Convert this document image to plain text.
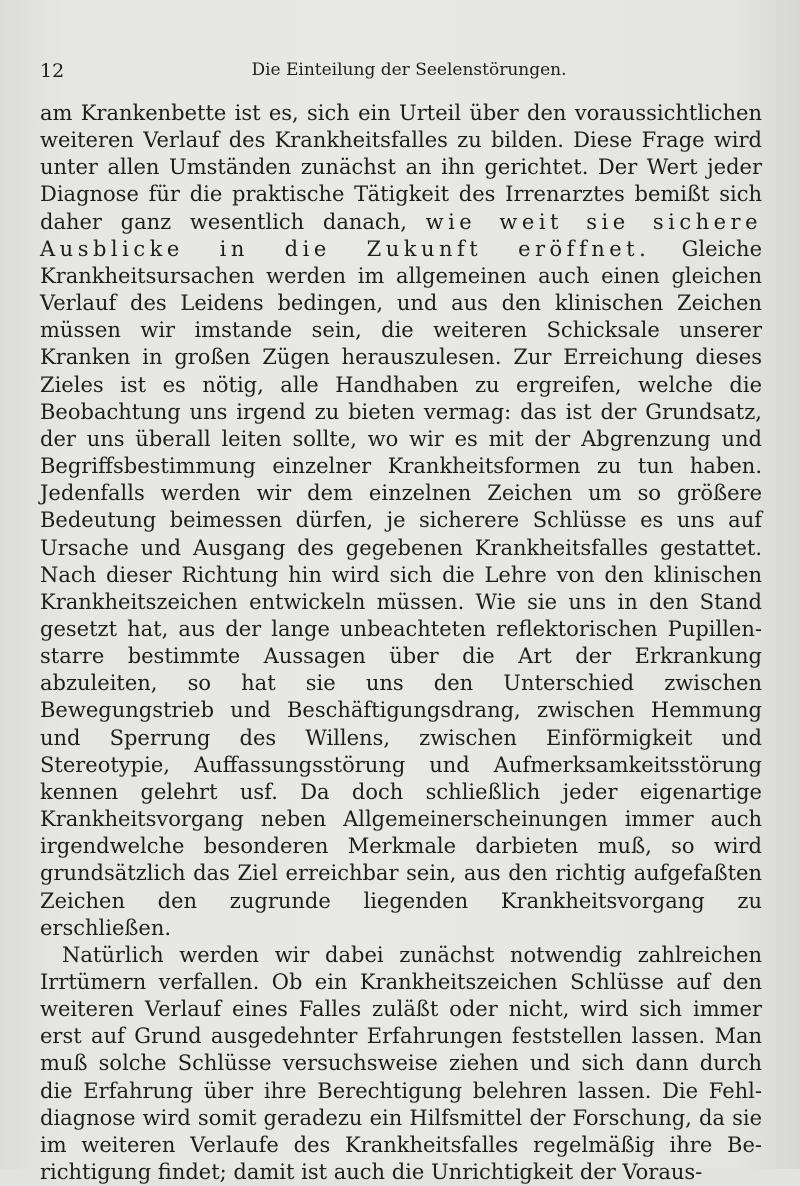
12	Die Einteilung der Seelenstörungen.

am Krankenbette ist es, sich ein Urteil über den voraussichtlichen weiteren Verlauf des Krankheitsfalles zu bilden. Diese Frage wird unter allen Umständen zunächst an ihn gerichtet. Der Wert jeder Diagnose für die praktische Tätigkeit des Irrenarztes bemißt sich daher ganz wesentlich danach, wie weit sie sichere Ausblicke in die Zukunft eröffnet. Gleiche Krankheitsursachen werden im allgemeinen auch einen gleichen Verlauf des Leidens bedingen, und aus den klinischen Zeichen müssen wir imstande sein, die weiteren Schicksale unserer Kranken in großen Zügen herauszulesen. Zur Erreichung dieses Zieles ist es nötig, alle Handhaben zu ergreifen, welche die Beobachtung uns irgend zu bieten vermag: das ist der Grundsatz, der uns überall leiten sollte, wo wir es mit der Abgrenzung und Begriffsbestimmung einzelner Krankheitsformen zu tun haben. Jedenfalls werden wir dem einzelnen Zeichen um so größere Bedeutung beimessen dürfen, je sicherere Schlüsse es uns auf Ursache und Ausgang des gegebenen Krankheitsfalles gestattet. Nach dieser Richtung hin wird sich die Lehre von den klinischen Krankheitszeichen entwickeln müssen. Wie sie uns in den Stand gesetzt hat, aus der lange unbeachteten reflektorischen Pupillenstarre bestimmte Aussagen über die Art der Erkrankung abzuleiten, so hat sie uns den Unterschied zwischen Bewegungstrieb und Beschäftigungsdrang, zwischen Hemmung und Sperrung des Willens, zwischen Einförmigkeit und Stereotypie, Auffassungsstörung und Aufmerksamkeitsstörung kennen gelehrt usf. Da doch schließlich jeder eigenartige Krankheitsvorgang neben Allgemeinerscheinungen immer auch irgendwelche besonderen Merkmale darbieten muß, so wird grundsätzlich das Ziel erreichbar sein, aus den richtig aufgefaßten Zeichen den zugrunde liegenden Krankheitsvorgang zu erschließen.

Natürlich werden wir dabei zunächst notwendig zahlreichen Irrtümern verfallen. Ob ein Krankheitszeichen Schlüsse auf den weiteren Verlauf eines Falles zuläßt oder nicht, wird sich immer erst auf Grund ausgedehnter Erfahrungen feststellen lassen. Man muß solche Schlüsse versuchsweise ziehen und sich dann durch die Erfahrung über ihre Berechtigung belehren lassen. Die Fehldiagnose wird somit geradezu ein Hilfsmittel der Forschung, da sie im weiteren Verlaufe des Krankheitsfalles regelmäßig ihre Berichtigung findet; damit ist auch die Unrichtigkeit der Voraus-
